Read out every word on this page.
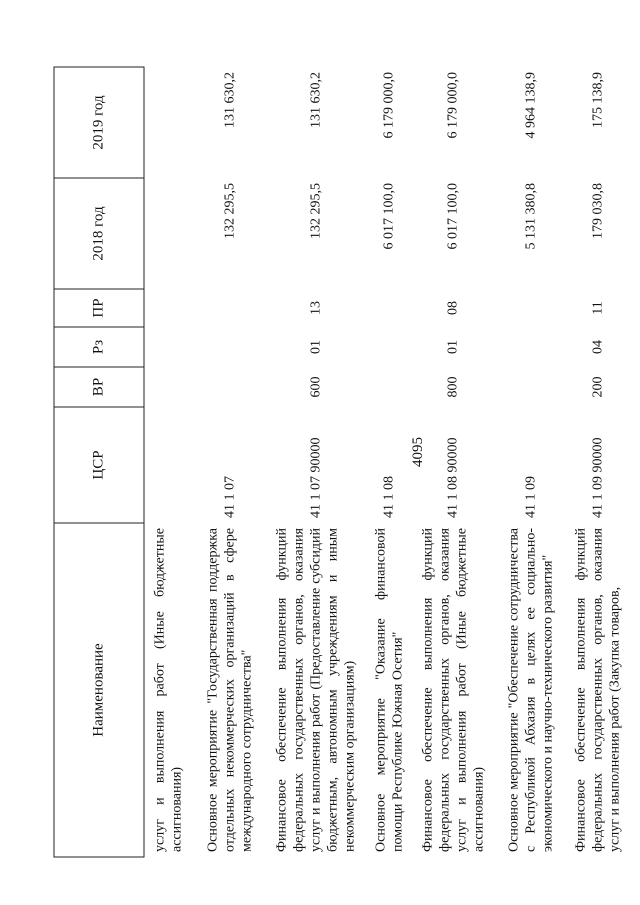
4095
Наименование	ЦСР	ВР	Рз	ПР	2018 год	2019 год
услуг и выполнения работ (Иные бюджетные ассигнования)						
Основное мероприятие "Государственная поддержка отдельных некоммерческих организаций в сфере международного сотрудничества"	41 1 07				132 295,5	131 630,2
Финансовое обеспечение выполнения функций федеральных государственных органов, оказания услуг и выполнения работ (Предоставление субсидий бюджетным, автономным учреждениям и иным некоммерческим организациям)	41 1 07 90000	600	01	13	132 295,5	131 630,2
Основное мероприятие "Оказание финансовой помощи Республике Южная Осетия"	41 1 08				6 017 100,0	6 179 000,0
Финансовое обеспечение выполнения функций федеральных государственных органов, оказания услуг и выполнения работ (Иные бюджетные ассигнования)	41 1 08 90000	800	01	08	6 017 100,0	6 179 000,0
Основное мероприятие "Обеспечение сотрудничества с Республикой Абхазия в целях ее социально-экономического и научно-технического развития"	41 1 09				5 131 380,8	4 964 138,9
Финансовое обеспечение выполнения функций федеральных государственных органов, оказания услуг и выполнения работ (Закупка товаров,	41 1 09 90000	200	04	11	179 030,8	175 138,9
